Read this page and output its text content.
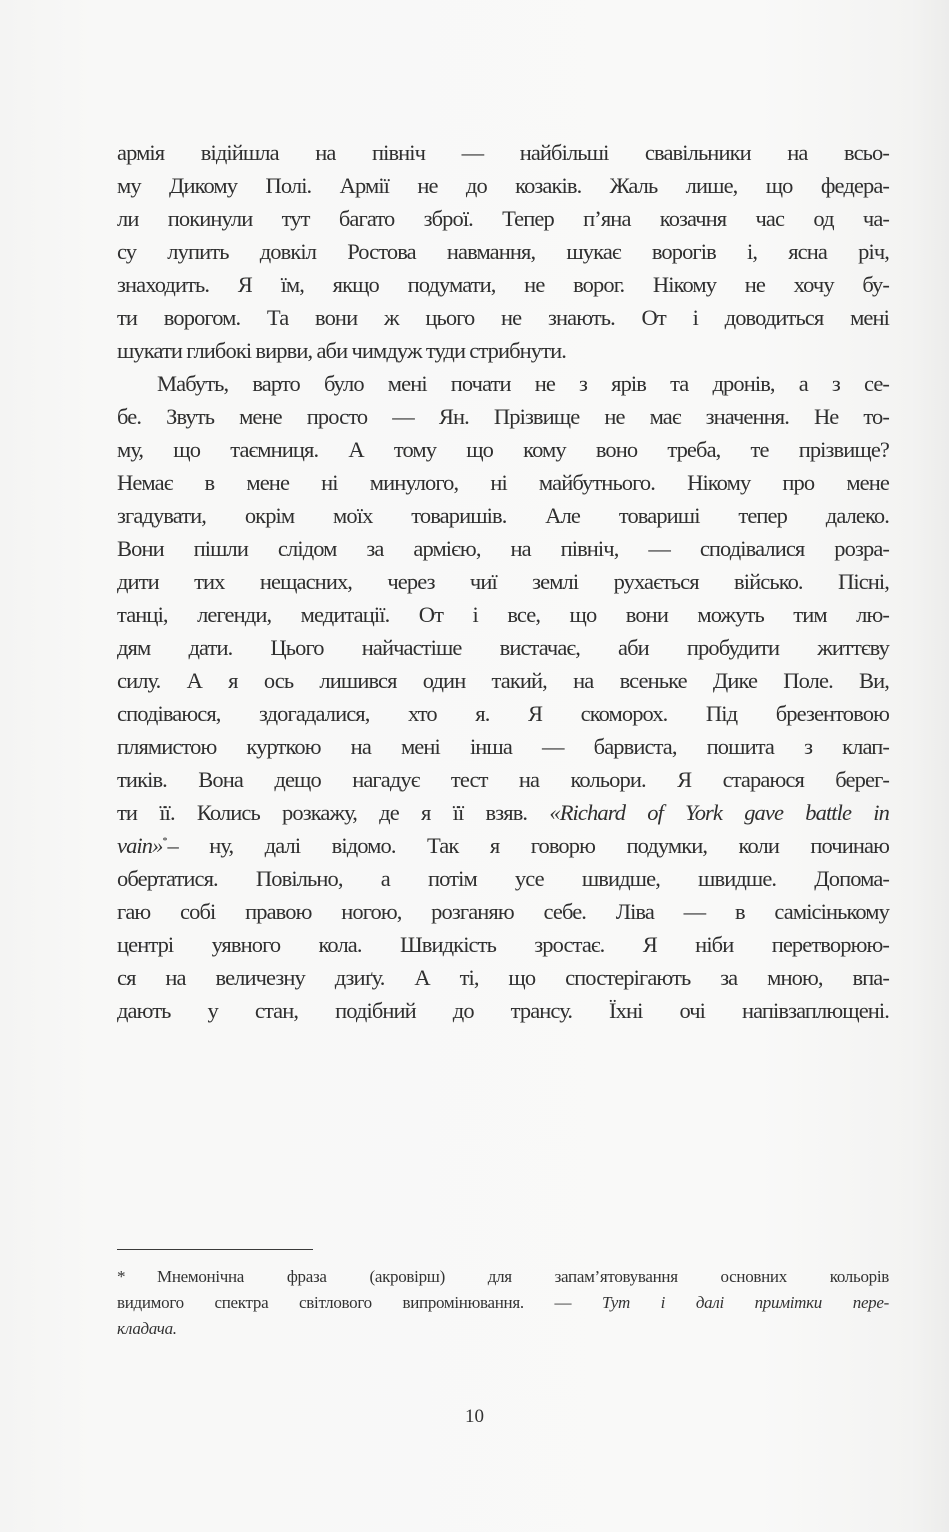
армія відійшла на північ — найбільші свавільники на всьо-
му Дикому Полі. Армії не до козаків. Жаль лише, що федера-
ли покинули тут багато зброї. Тепер п’яна козачня час од ча-
су лупить довкіл Ростова навмання, шукає ворогів і, ясна річ,
знаходить. Я їм, якщо подумати, не ворог. Нікому не хочу бу-
ти ворогом. Та вони ж цього не знають. От і доводиться мені
шукати глибокі вирви, аби чимдуж туди стрибнути.
Мабуть, варто було мені почати не з ярів та дронів, а з се-
бе. Звуть мене просто — Ян. Прізвище не має значення. Не то-
му, що таємниця. А тому що кому воно треба, те прізвище?
Немає в мене ні минулого, ні майбутнього. Нікому про мене
згадувати, окрім моїх товаришів. Але товариші тепер далеко.
Вони пішли слідом за армією, на північ, — сподівалися розра-
дити тих нещасних, через чиї землі рухається військо. Пісні,
танці, легенди, медитації. От і все, що вони можуть тим лю-
дям дати. Цього найчастіше вистачає, аби пробудити життєву
силу. А я ось лишився один такий, на всеньке Дике Поле. Ви,
сподіваюся, здогадалися, хто я. Я скоморох. Під брезентовою
плямистою курткою на мені інша — барвиста, пошита з клап-
тиків. Вона дещо нагадує тест на кольори. Я стараюся берег-
ти її. Колись розкажу, де я її взяв. «Richard of York gave battle in
vain»*– ну, далі відомо. Так я говорю подумки, коли починаю
обертатися. Повільно, а потім усе швидше, швидше. Допома-
гаю собі правою ногою, розганяю себе. Ліва — в самісінькому
центрі уявного кола. Швидкість зростає. Я ніби перетворюю-
ся на величезну дзиґу. А ті, що спостерігають за мною, впа-
дають у стан, подібний до трансу. Їхні очі напівзаплющені.
* Мнемонічна фраза (акровірш) для запам’ятовування основних кольорів
видимого спектра світлового випромінювання. — Тут і далі примітки пере-
кладача.
10
